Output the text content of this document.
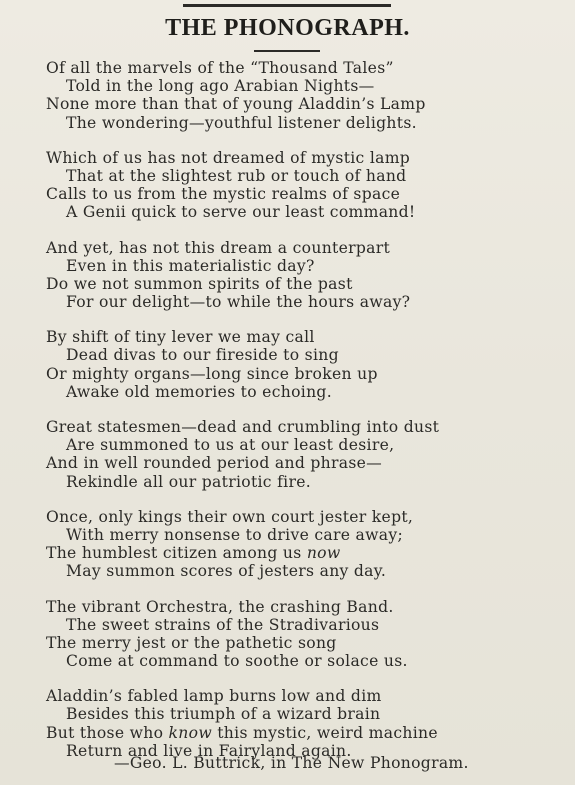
THE PHONOGRAPH.
Of all the marvels of the “Thousand Tales”
Told in the long ago Arabian Nights—
None more than that of young Aladdin’s Lamp
The wondering—youthful listener delights.
Which of us has not dreamed of mystic lamp
That at the slightest rub or touch of hand
Calls to us from the mystic realms of space
A Genii quick to serve our least command!
And yet, has not this dream a counterpart
Even in this materialistic day?
Do we not summon spirits of the past
For our delight—to while the hours away?
By shift of tiny lever we may call
Dead divas to our fireside to sing
Or mighty organs—long since broken up
Awake old memories to echoing.
Great statesmen—dead and crumbling into dust
Are summoned to us at our least desire,
And in well rounded period and phrase—
Rekindle all our patriotic fire.
Once, only kings their own court jester kept,
With merry nonsense to drive care away;
The humblest citizen among us now
May summon scores of jesters any day.
The vibrant Orchestra, the crashing Band.
The sweet strains of the Stradivarious
The merry jest or the pathetic song
Come at command to soothe or solace us.
Aladdin’s fabled lamp burns low and dim
Besides this triumph of a wizard brain
But those who know this mystic, weird machine
Return and live in Fairyland again.
—Geo. L. Buttrick, in The New Phonogram.
